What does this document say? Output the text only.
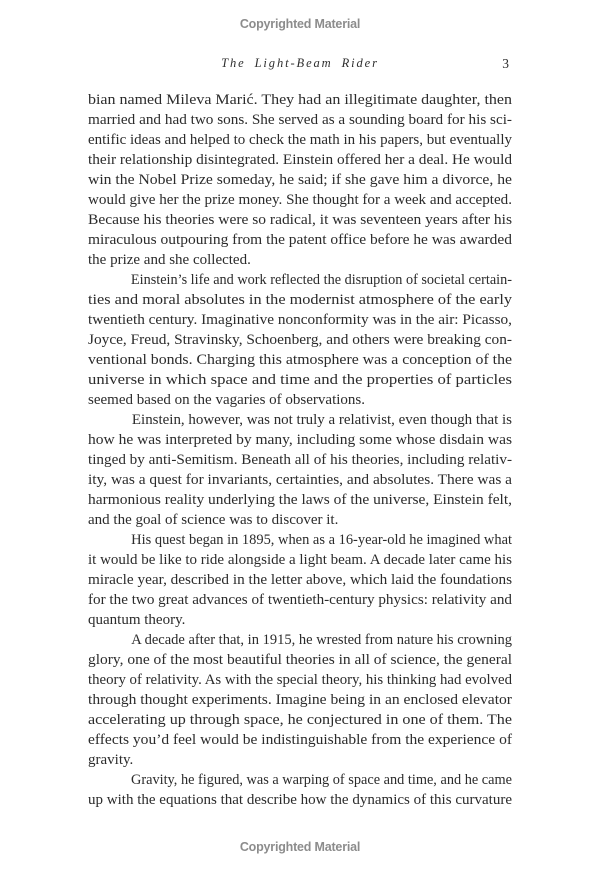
Copyrighted Material
The Light-Beam Rider	3
bian named Mileva Marić. They had an illegitimate daughter, then
married and had two sons. She served as a sounding board for his sci-
entific ideas and helped to check the math in his papers, but eventually
their relationship disintegrated. Einstein offered her a deal. He would
win the Nobel Prize someday, he said; if she gave him a divorce, he
would give her the prize money. She thought for a week and accepted.
Because his theories were so radical, it was seventeen years after his
miraculous outpouring from the patent office before he was awarded
the prize and she collected.
Einstein’s life and work reflected the disruption of societal certain-
ties and moral absolutes in the modernist atmosphere of the early
twentieth century. Imaginative nonconformity was in the air: Picasso,
Joyce, Freud, Stravinsky, Schoenberg, and others were breaking con-
ventional bonds. Charging this atmosphere was a conception of the
universe in which space and time and the properties of particles
seemed based on the vagaries of observations.
Einstein, however, was not truly a relativist, even though that is
how he was interpreted by many, including some whose disdain was
tinged by anti-Semitism. Beneath all of his theories, including relativ-
ity, was a quest for invariants, certainties, and absolutes. There was a
harmonious reality underlying the laws of the universe, Einstein felt,
and the goal of science was to discover it.
His quest began in 1895, when as a 16-year-old he imagined what
it would be like to ride alongside a light beam. A decade later came his
miracle year, described in the letter above, which laid the foundations
for the two great advances of twentieth-century physics: relativity and
quantum theory.
A decade after that, in 1915, he wrested from nature his crowning
glory, one of the most beautiful theories in all of science, the general
theory of relativity. As with the special theory, his thinking had evolved
through thought experiments. Imagine being in an enclosed elevator
accelerating up through space, he conjectured in one of them. The
effects you’d feel would be indistinguishable from the experience of
gravity.
Gravity, he figured, was a warping of space and time, and he came
up with the equations that describe how the dynamics of this curvature
Copyrighted Material
